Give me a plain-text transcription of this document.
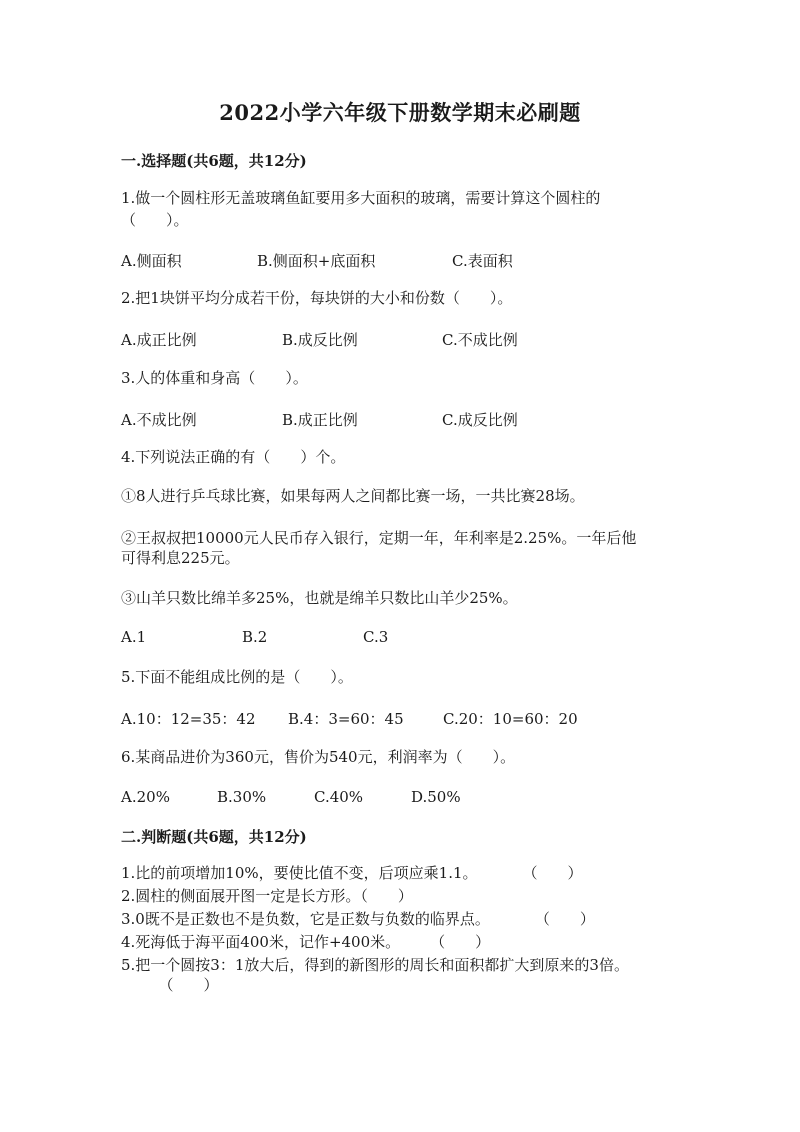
2022小学六年级下册数学期末必刷题
一.选择题(共6题，共12分)
1.做一个圆柱形无盖玻璃鱼缸要用多大面积的玻璃，需要计算这个圆柱的
（　　）。
A.侧面积	B.侧面积+底面积	C.表面积
2.把1块饼平均分成若干份，每块饼的大小和份数（　　）。
A.成正比例	B.成反比例	C.不成比例
3.人的体重和身高（　　）。
A.不成比例	B.成正比例	C.成反比例
4.下列说法正确的有（　　）个。
①8人进行乒乓球比赛，如果每两人之间都比赛一场，一共比赛28场。
②王叔叔把10000元人民币存入银行，定期一年，年利率是2.25%。一年后他
可得利息225元。
③山羊只数比绵羊多25%，也就是绵羊只数比山羊少25%。
A.1	B.2	C.3
5.下面不能组成比例的是（　　）。
A.10：12=35：42 B.4：3=60：45	C.20：10=60：20
6.某商品进价为360元，售价为540元，利润率为（　　）。
A.20%	B.30%	C.40%	D.50%
二.判断题(共6题，共12分)
1.比的前项增加10%，要使比值不变，后项应乘1.1。　　　　（　　）
2.圆柱的侧面展开图一定是长方形。（　　）
3.0既不是正数也不是负数，它是正数与负数的临界点。　　　　（　　）
4.死海低于海平面400米，记作+400米。　　　（　　）
5.把一个圆按3：1放大后，得到的新图形的周长和面积都扩大到原来的3倍。
　　　（　　）
